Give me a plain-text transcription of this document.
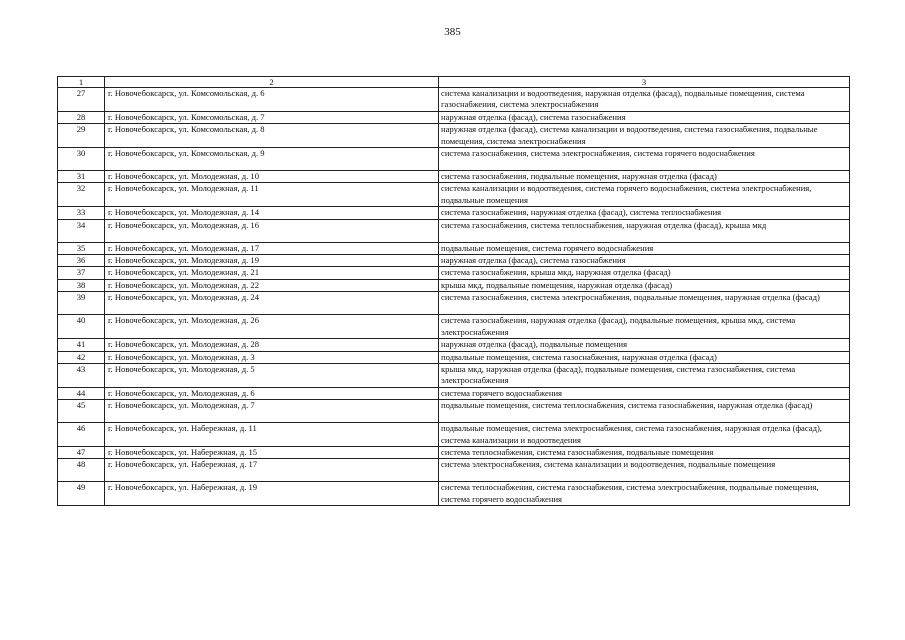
385
1	2	3
27	г. Новочебоксарск, ул. Комсомольская, д. 6	система канализации и водоотведения, наружная отделка (фасад), подвальные помещения, система газоснабжения, система электроснабжения
28	г. Новочебоксарск, ул. Комсомольская, д. 7	наружная отделка (фасад), система газоснабжения
29	г. Новочебоксарск, ул. Комсомольская, д. 8	наружная отделка (фасад), система канализации и водоотведения, система газоснабжения, подвальные помещения, система электроснабжения
30	г. Новочебоксарск, ул. Комсомольская, д. 9	система газоснабжения, система электроснабжения, система горячего водоснабжения
31	г. Новочебоксарск, ул. Молодежная, д. 10	система газоснабжения, подвальные помещения, наружная отделка (фасад)
32	г. Новочебоксарск, ул. Молодежная, д. 11	система канализации и водоотведения, система горячего водоснабжения, система электроснабжения, подвальные помещения
33	г. Новочебоксарск, ул. Молодежная, д. 14	система газоснабжения, наружная отделка (фасад), система теплоснабжения
34	г. Новочебоксарск, ул. Молодежная, д. 16	система газоснабжения, система теплоснабжения, наружная отделка (фасад), крыша мкд
35	г. Новочебоксарск, ул. Молодежная, д. 17	подвальные помещения, система горячего водоснабжения
36	г. Новочебоксарск, ул. Молодежная, д. 19	наружная отделка (фасад), система газоснабжения
37	г. Новочебоксарск, ул. Молодежная, д. 21	система газоснабжения, крыша мкд, наружная отделка (фасад)
38	г. Новочебоксарск, ул. Молодежная, д. 22	крыша мкд, подвальные помещения, наружная отделка (фасад)
39	г. Новочебоксарск, ул. Молодежная, д. 24	система газоснабжения, система электроснабжения, подвальные помещения, наружная отделка (фасад)
40	г. Новочебоксарск, ул. Молодежная, д. 26	система газоснабжения, наружная отделка (фасад), подвальные помещения, крыша мкд, система электроснабжения
41	г. Новочебоксарск, ул. Молодежная, д. 28	наружная отделка (фасад), подвальные помещения
42	г. Новочебоксарск, ул. Молодежная, д. 3	подвальные помещения, система газоснабжения, наружная отделка (фасад)
43	г. Новочебоксарск, ул. Молодежная, д. 5	крыша мкд, наружная отделка (фасад), подвальные помещения, система газоснабжения, система электроснабжения
44	г. Новочебоксарск, ул. Молодежная, д. 6	система горячего водоснабжения
45	г. Новочебоксарск, ул. Молодежная, д. 7	подвальные помещения, система теплоснабжения, система газоснабжения, наружная отделка (фасад)
46	г. Новочебоксарск, ул. Набережная, д. 11	подвальные помещения, система электроснабжения, система газоснабжения, наружная отделка (фасад), система канализации и водоотведения
47	г. Новочебоксарск, ул. Набережная, д. 15	система теплоснабжения, система газоснабжения, подвальные помещения
48	г. Новочебоксарск, ул. Набережная, д. 17	система электроснабжения, система канализации и водоотведения, подвальные помещения
49	г. Новочебоксарск, ул. Набережная, д. 19	система теплоснабжения, система газоснабжения, система электроснабжения, подвальные помещения, система горячего водоснабжения
